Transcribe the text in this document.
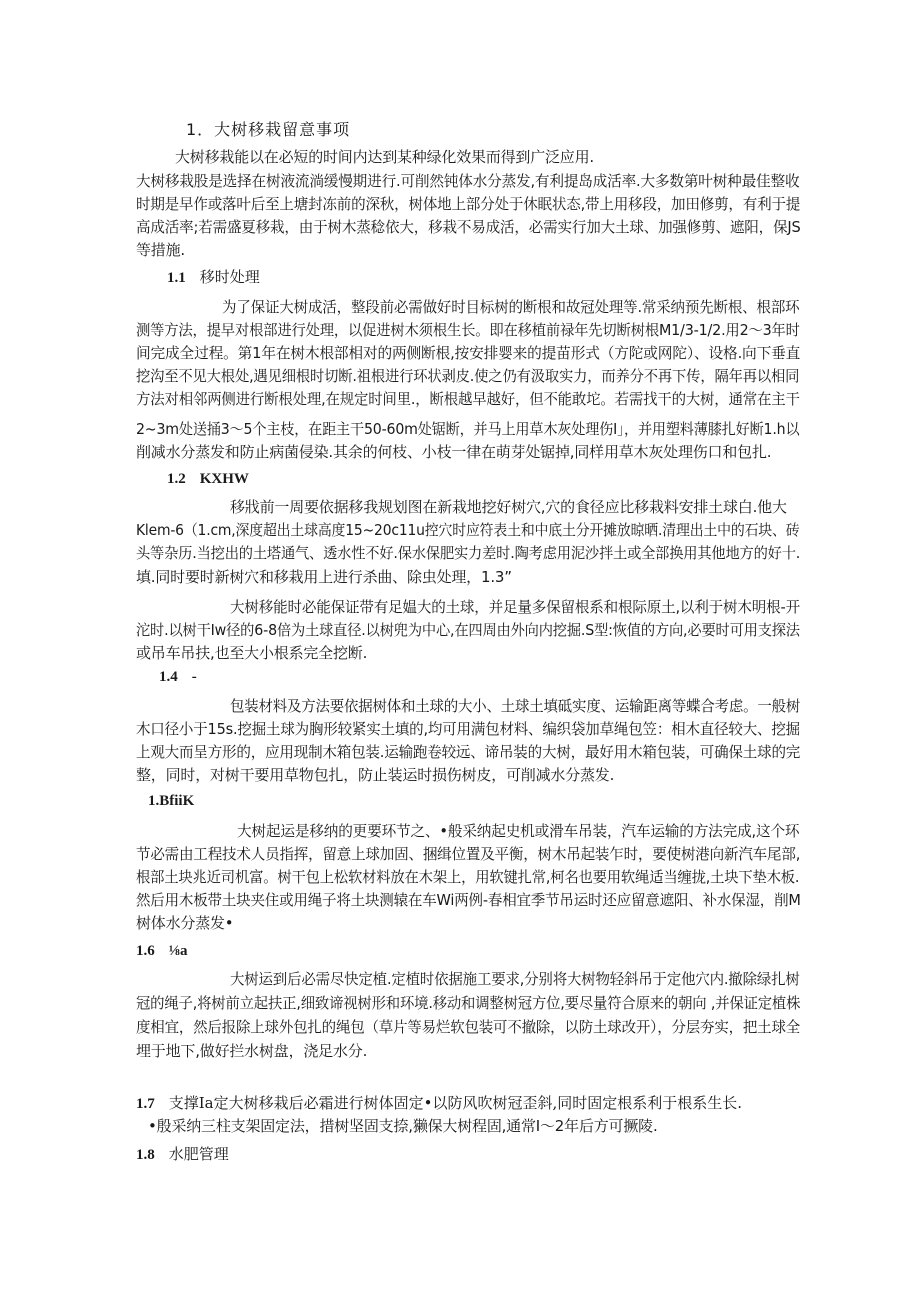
1．大树移栽留意事项
大树移栽能以在必短的时间内达到某种绿化效果而得到广泛应用.
大树移栽股是选择在树液流淌缓慢期进行.可削然钝体水分蒸发,有利提岛成活率.大多数第叶树种最佳整收
时期是早作或落叶后至上塘封冻前的深秋，树体地上部分处于休眠状态,带上用移段，加田修剪，有利于提
高成活率;若需盛夏移栽，由于树木蒸稔依大，移栽不易成活，必需实行加大土球、加强修剪、遮阳，保JS
等措施.
1.1 移时处理
为了保证大树成活，整段前必需做好时目标树的断根和故冠处理等.常采纳预先断根、根部环
测等方法，提早对根部进行处理，以促进树木须根生长。即在移植前禄年先切断树根M1/3-1/2.用2～3年时
间完成全过程。第1年在树木根部相对的两侧断根,按安排婴来的提苗形式（方陀或网陀）、设格.向下垂直
挖沟至不见大根处,遇见细根时切断.祖根进行环状剥皮.使之仍有汲取实力，而养分不再下传，隔年再以相同
方法对相邻两侧进行断根处理,在规定时间里.，断根越早越好，但不能敢坨。若需找干的大树，通常在主干
2~3m处送捅3～5个主枝，在距主干50-60m处锯断，并马上用草木灰处理伤I」，并用塑料薄膝扎好断1.h以
削减水分蒸发和防止病菌侵染.其余的何枝、小枝一律在萌芽处锯掉,同样用草木灰处理伤口和包扎.
1.2 KXHW
移戕前一周要依据移我规划图在新栽地挖好树穴,穴的食径应比移栽料安排土球白.他大
Klem-6（1.cm,深度超出土球高度15~20c11u控穴时应符表土和中底土分开摊放晾晒.清理出土中的石块、砖
头等杂历.当挖出的土塔通气、透水性不好.保水保肥实力差时.陶考虑用泥沙拌土或全部换用其他地方的好十.
填.同时要时新树穴和移栽用上进行杀曲、除虫处理，1.3”
大树移能时必能保证带有足媪大的土球，并足量多保留根系和根际原土,以利于树木明根-开
沱时.以树干Iw径的6-8倍为土球直径.以树兜为中心,在四周由外向内挖掘.S型:恢值的方向,必要时可用支探法
或吊车吊扶,也至大小根系完全挖断.
1.4 -
包装材料及方法要依据树体和土球的大小、土球土填砥实度、运输距离等蝶合考虑。一般树
木口径小于15s.挖掘土球为胸形较紧实土填的,均可用满包材料、编织袋加草绳包笠：相木直径较大、挖掘
上观大而呈方形的，应用现制木箱包装.运输跑卷较远、谛吊装的大树，最好用木箱包装，可确保土球的完
整，同时，对树干要用草物包扎，防止装运时损伤树皮，可削减水分蒸发.
1.BfiiK
大树起运是移纳的更要环节之、•般采纳起史机或滑车吊装，汽车运输的方法完成,这个环
节必需由工程技术人员指挥，留意上球加固、捆缉位置及平衡，树木吊起装乍时，要使树港向新汽车尾部,
根部土块兆近司机富。树干包上松软材料放在木架上，用软键扎常,柯名也要用软绳适当缠拢,土块下垫木板.
然后用木板带土块夹住或用绳子将土块测辕在车Wi两例-春相宜季节吊运时还应留意遮阳、补水保湿，削M
树体水分蒸发•
1.6 ⅛a
大树运到后必需尽快定植.定植时依据施工要求,分别将大树物轻斜吊于定他穴内.撤除绿扎树
冠的绳子,将树前立起扶正,细致谛视树形和环境.移动和调整树冠方位,要尽量符合原来的朝向 ,并保证定植株
度相宜，然后报除上球外包扎的绳包（草片等易烂软包装可不撤除，以防土球改开），分层夯实，把土球全
埋于地下,做好拦水树盘，浇足水分.
1.7 支撑Ia定大树移栽后必霜进行树体固定•以防风吹树冠歪斜,同时固定根系利于根系生长.
•殷采纳三柱支架固定法，措树坚固支捺,獭保大树程固,通常I～2年后方可撅陵.
1.8 水肥管理
